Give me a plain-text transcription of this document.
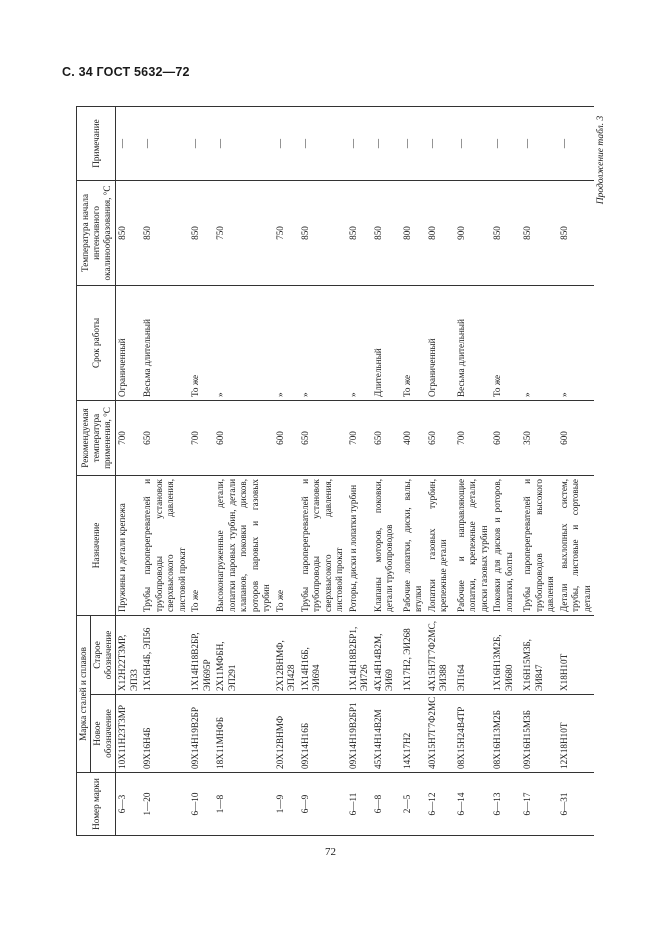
С. 34 ГОСТ 5632—72
Продолжение табл. 3
Номер марки	Марка сталей и сплавов		Назначение	Рекомендуемая температура применения, °С	Срок работы	Температура начала интенсивного окалинообразования, °С	Примечание
	Новое обозначение	Старое обозначение					
6—3	10Х11Н23Т3МР	Х12Н22Т3МР, ЭП33	Пружины и детали крепежа	700	Ограниченный	850	—
1—20	09Х16Н4Б	1Х16Н4Б, ЭП56	Трубы пароперегревателей и трубопроводы установок сверхвысокого давления, листовой прокат	650	Весьма длительный	850	—
6—10	09Х14Н19В2БР	1Х14Н18В2БР, ЭИ695Р	То же	700	То же	850	—
1—8	18Х11МНФБ	2Х11МФБН, ЭП291	Высоконагруженные детали, лопатки паровых турбин, детали клапанов, поковки дисков, роторов паровых и газовых турбин	600	»	750	—
1—9	20Х12ВНМФ	2Х12ВНМФ, ЭП428	То же	600	»	750	—
6—9	09Х14Н16Б	1Х14Н16Б, ЭИ694	Трубы пароперегревателей и трубопроводы установок сверхвысокого давления, листовой прокат	650	»	850	—
6—11	09Х14Н19В2БР1	1Х14Н18В2БР1, ЭИ726	Роторы, диски и лопатки турбин	700	»	850	—
6—8	45Х14Н14В2М	4Х14Н14В2М, ЭИ69	Клапаны моторов, поковки, детали трубопроводов	650	Длительный	850	—
2—5	14Х17Н2	1Х17Н2, ЭИ268	Рабочие лопатки, диски, валы, втулки	400	То же	800	—
6—12	40Х15Н7Г7Ф2МС	4Х15Н7Г7Ф2МС, ЭИ388	Лопатки газовых турбин, крепежные детали	650	Ограниченный	800	—
6—14	08Х15Н24В4ТР	ЭП164	Рабочие и направляющие лопатки, крепежные детали, диски газовых турбин	700	Весьма длительный	900	—
6—13	08Х16Н13М2Б	1Х16Н13М2Б, ЭИ680	Поковки для дисков и роторов, лопатки, болты	600	То же	850	—
6—17	09Х16Н15М3Б	Х16Н15М3Б, ЭИ847	Трубы пароперегревателей и трубопроводов высокого давления	350	»	850	—
6—31	12Х18Н10Т	Х18Н10Т	Детали выхлопных систем, трубы, листовые и сортовые детали	600	»	850	—
72
